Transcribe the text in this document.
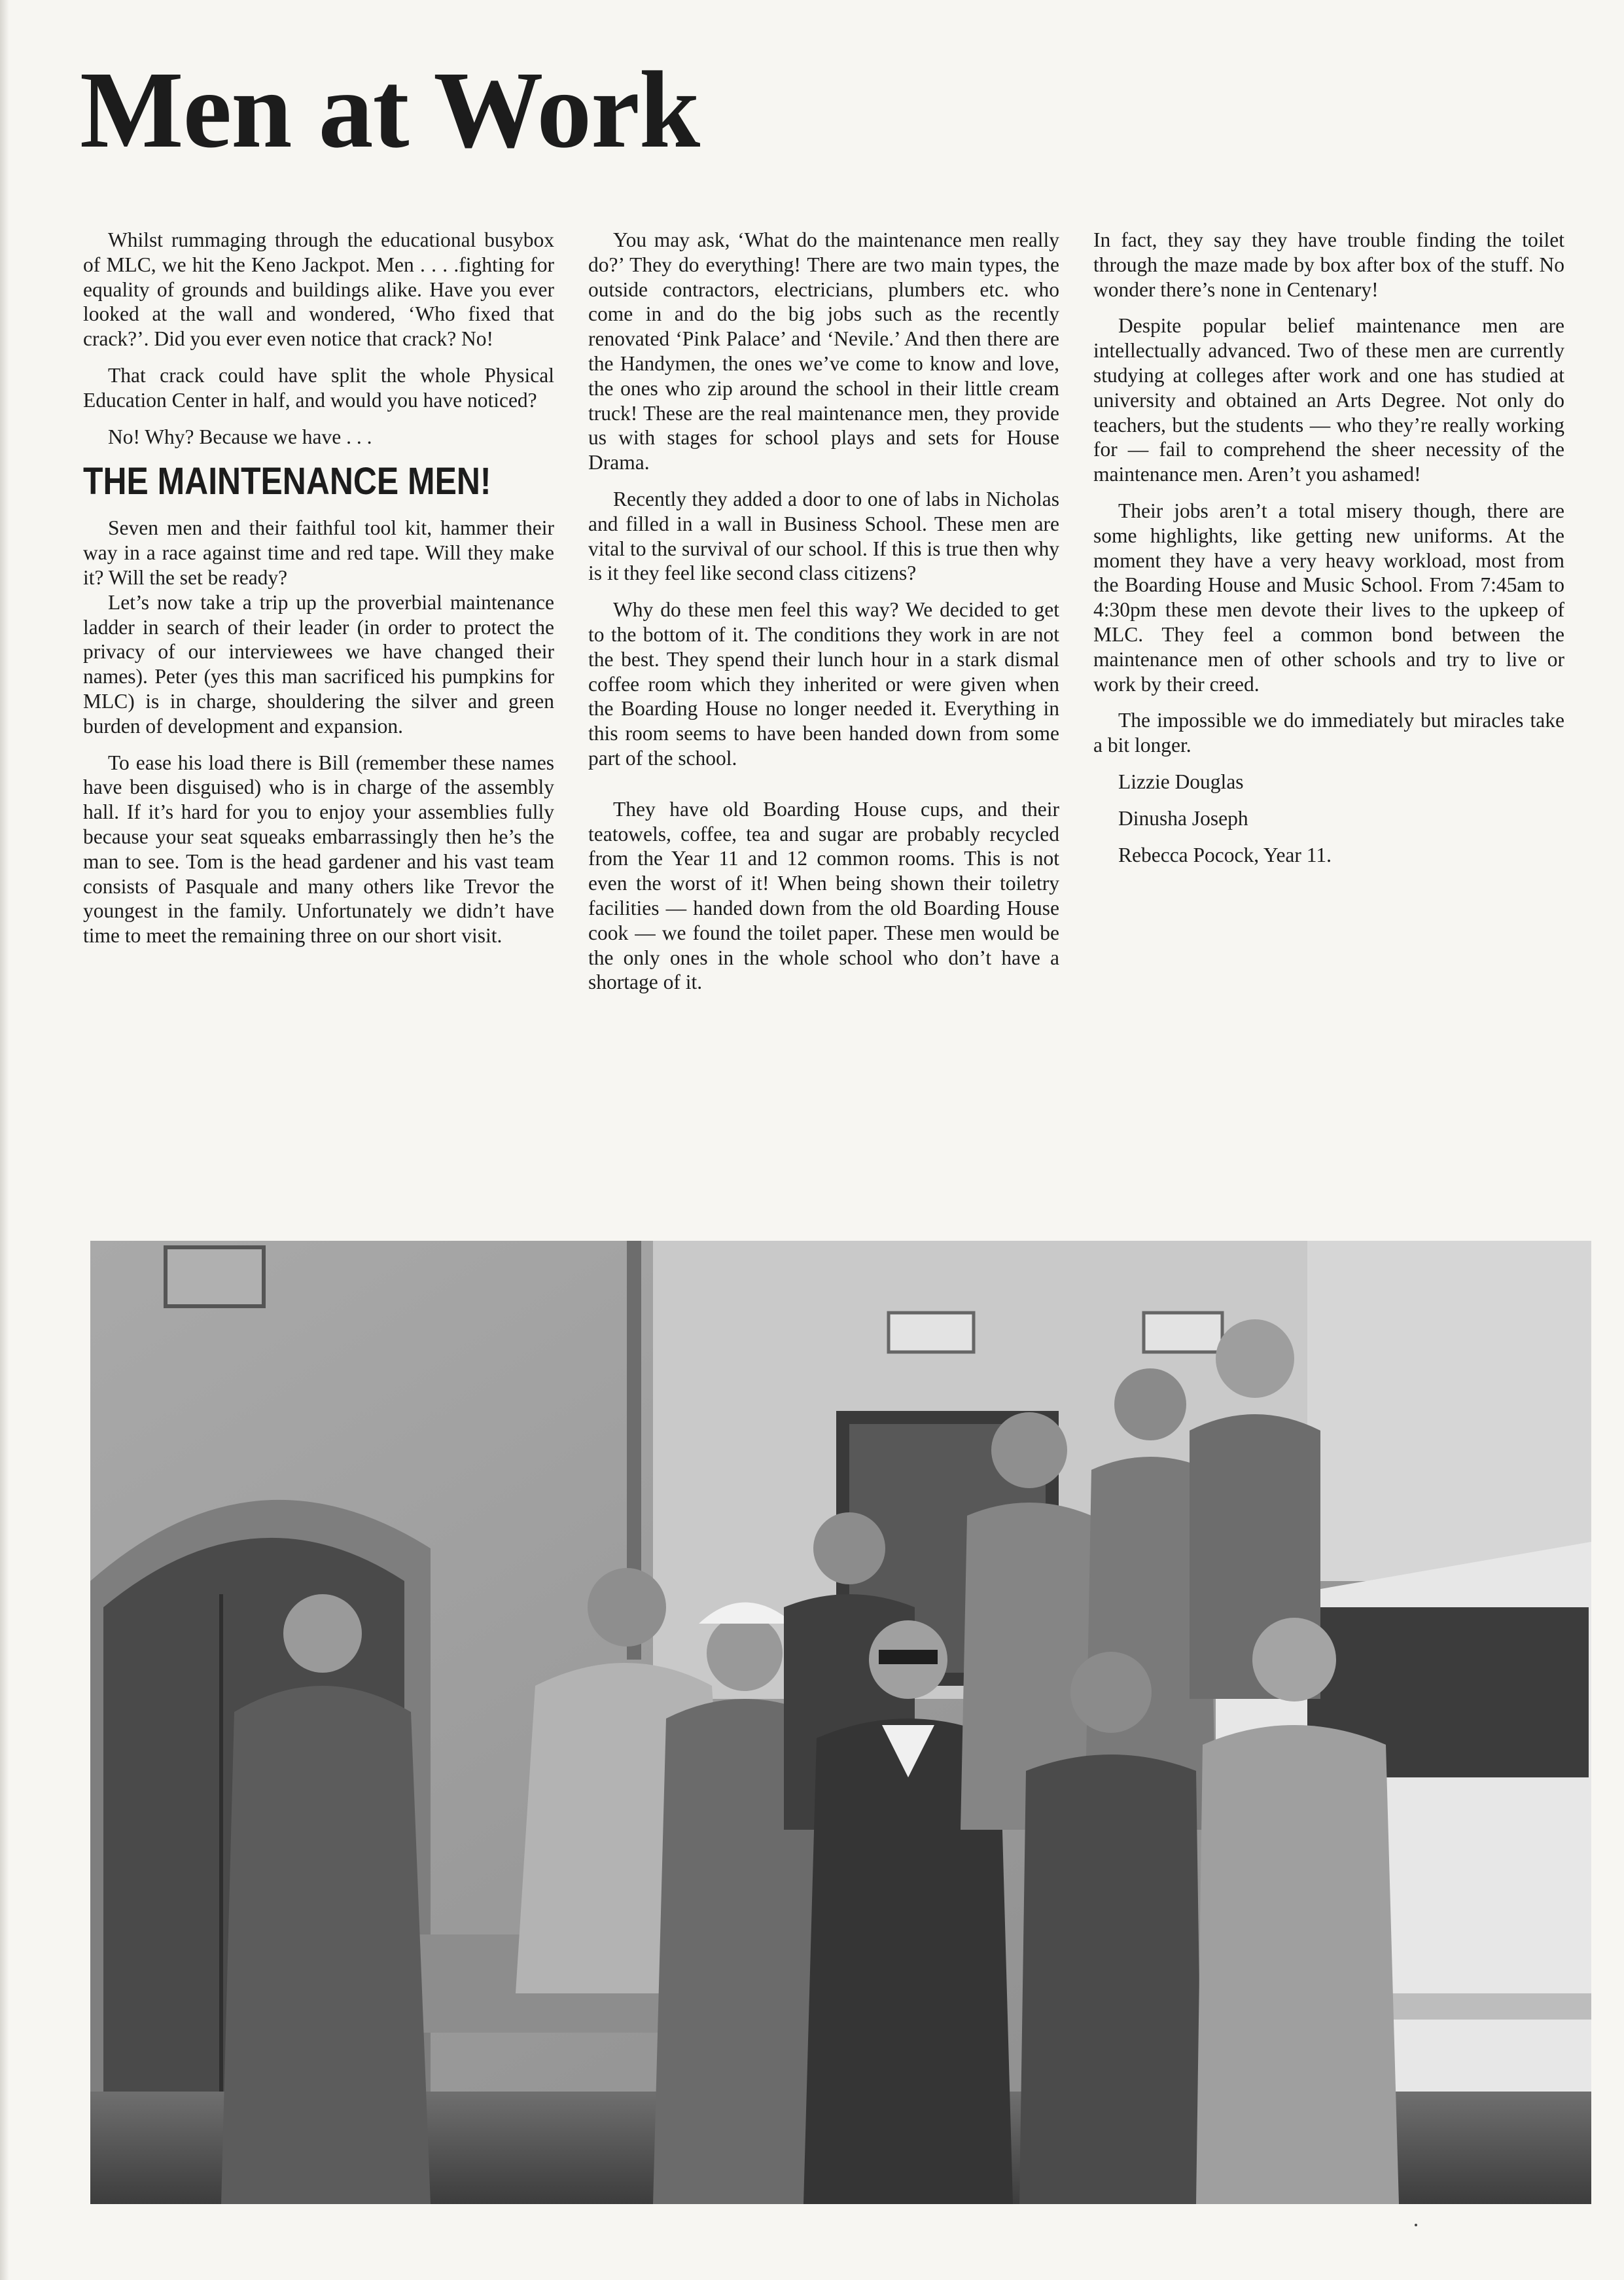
Men at Work

Whilst rummaging through the educational busybox of MLC, we hit the Keno Jackpot. Men . . . .fighting for equality of grounds and buildings alike. Have you ever looked at the wall and wondered, ‘Who fixed that crack?’. Did you ever even notice that crack? No!

That crack could have split the whole Physical Education Center in half, and would you have noticed?

No! Why? Because we have . . .

THE MAINTENANCE MEN!

Seven men and their faithful tool kit, hammer their way in a race against time and red tape. Will they make it? Will the set be ready?

Let’s now take a trip up the proverbial maintenance ladder in search of their leader (in order to protect the privacy of our interviewees we have changed their names). Peter (yes this man sacrificed his pumpkins for MLC) is in charge, shouldering the silver and green burden of development and expansion.

To ease his load there is Bill (remember these names have been disguised) who is in charge of the assembly hall. If it’s hard for you to enjoy your assemblies fully because your seat squeaks embarrassingly then he’s the man to see. Tom is the head gardener and his vast team consists of Pasquale and many others like Trevor the youngest in the family. Unfortunately we didn’t have time to meet the remaining three on our short visit.

You may ask, ‘What do the maintenance men really do?’ They do everything! There are two main types, the outside contractors, electricians, plumbers etc. who come in and do the big jobs such as the recently renovated ‘Pink Palace’ and ‘Nevile.’ And then there are the Handymen, the ones we’ve come to know and love, the ones who zip around the school in their little cream truck! These are the real maintenance men, they provide us with stages for school plays and sets for House Drama.

Recently they added a door to one of labs in Nicholas and filled in a wall in Business School. These men are vital to the survival of our school. If this is true then why is it they feel like second class citizens?

Why do these men feel this way? We decided to get to the bottom of it. The conditions they work in are not the best. They spend their lunch hour in a stark dismal coffee room which they inherited or were given when the Boarding House no longer needed it. Everything in this room seems to have been handed down from some part of the school.

They have old Boarding House cups, and their teatowels, coffee, tea and sugar are probably recycled from the Year 11 and 12 common rooms. This is not even the worst of it! When being shown their toiletry facilities — handed down from the old Boarding House cook — we found the toilet paper. These men would be the only ones in the whole school who don’t have a shortage of it.

In fact, they say they have trouble finding the toilet through the maze made by box after box of the stuff. No wonder there’s none in Centenary!

Despite popular belief maintenance men are intellectually advanced. Two of these men are currently studying at colleges after work and one has studied at university and obtained an Arts Degree. Not only do teachers, but the students — who they’re really working for — fail to comprehend the sheer necessity of the maintenance men. Aren’t you ashamed!

Their jobs aren’t a total misery though, there are some highlights, like getting new uniforms. At the moment they have a very heavy workload, most from the Boarding House and Music School. From 7:45am to 4:30pm these men devote their lives to the upkeep of MLC. They feel a common bond between the maintenance men of other schools and try to live or work by their creed.

The impossible we do immediately but miracles take a bit longer.

Lizzie Douglas

Dinusha Joseph

Rebecca Pocock, Year 11.
